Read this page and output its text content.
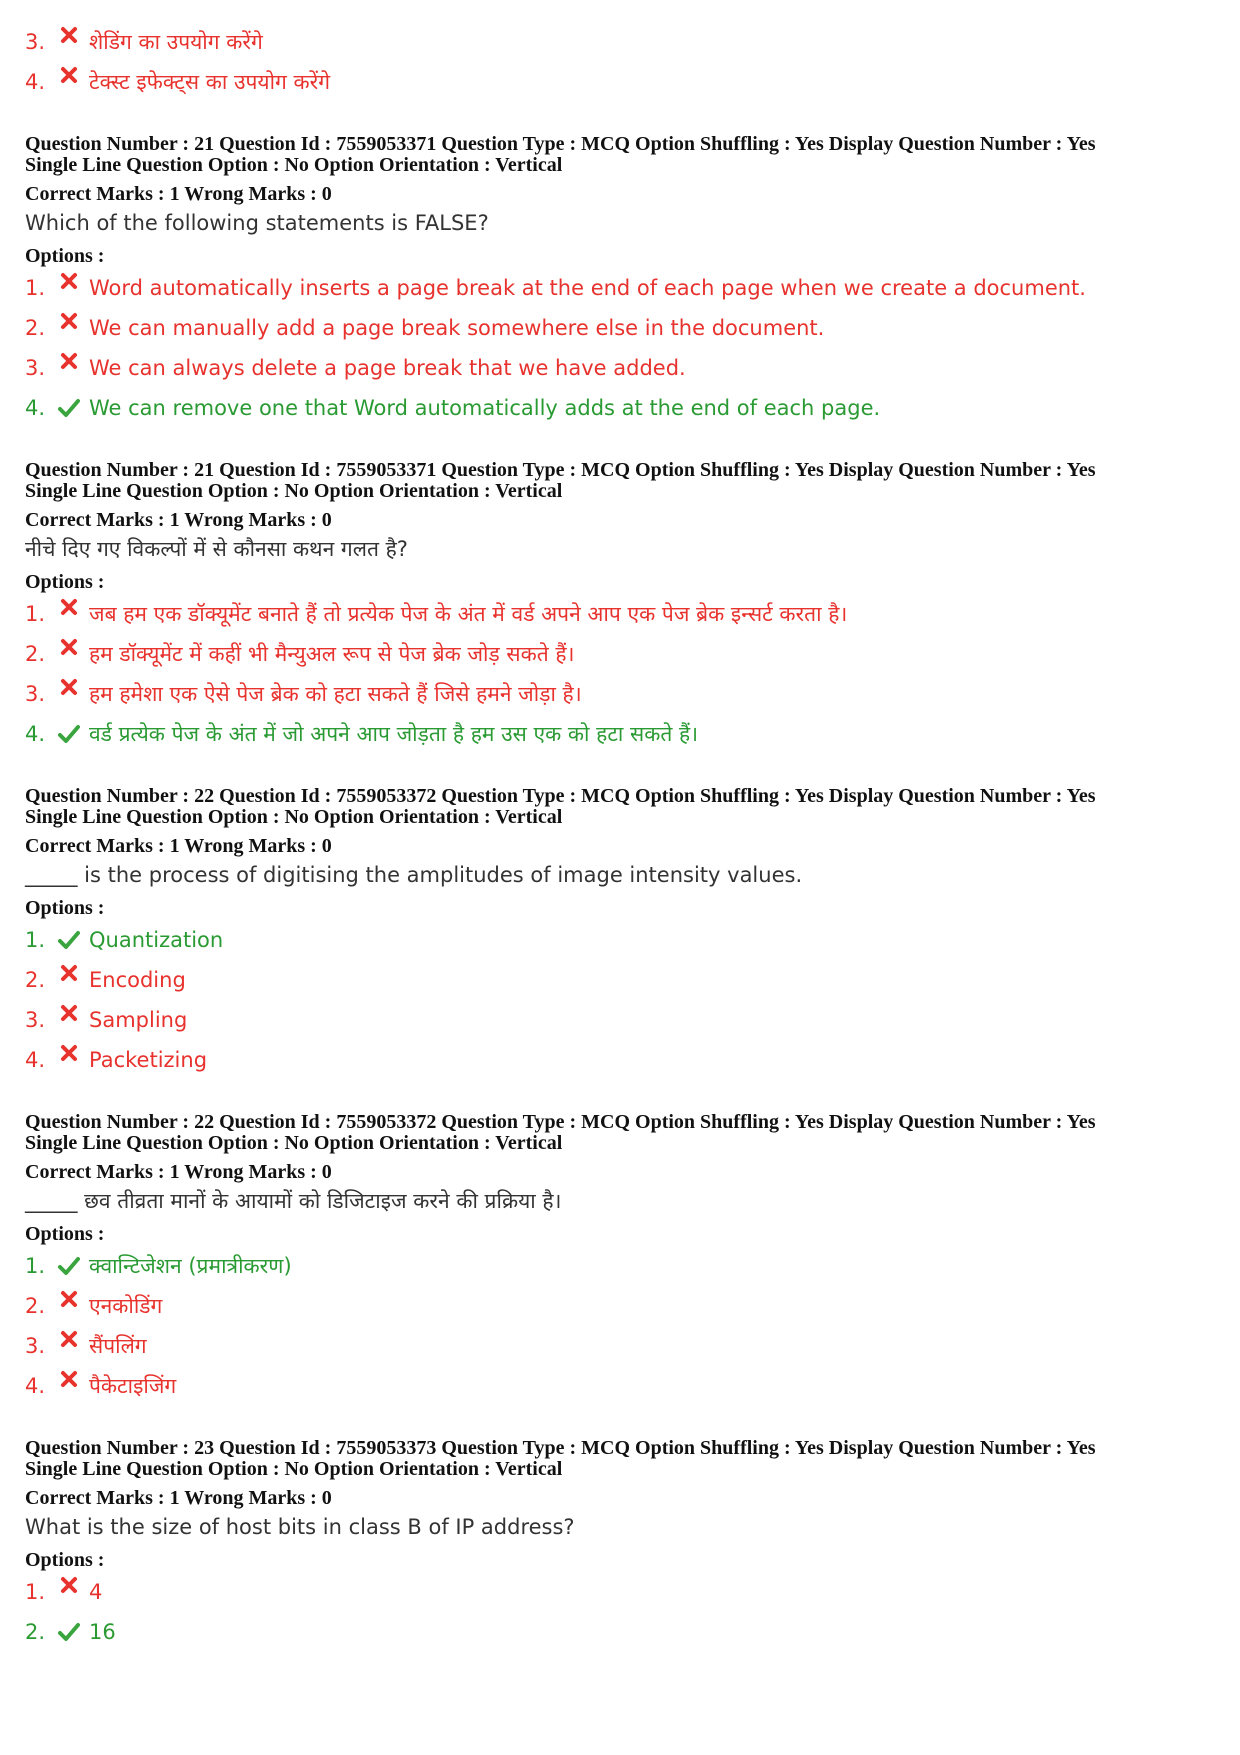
3.	शेडिंग का उपयोग करेंगे
4.	टेक्स्ट इफेक्ट्स का उपयोग करेंगे
Question Number : 21 Question Id : 7559053371 Question Type : MCQ Option Shuffling : Yes Display Question Number : Yes
Single Line Question Option : No Option Orientation : Vertical
Correct Marks : 1 Wrong Marks : 0
Which of the following statements is FALSE?
Options :
1.	Word automatically inserts a page break at the end of each page when we create a document.
2.	We can manually add a page break somewhere else in the document.
3.	We can always delete a page break that we have added.
4.	We can remove one that Word automatically adds at the end of each page.
Question Number : 21 Question Id : 7559053371 Question Type : MCQ Option Shuffling : Yes Display Question Number : Yes
Single Line Question Option : No Option Orientation : Vertical
Correct Marks : 1 Wrong Marks : 0
नीचे दिए गए विकल्पों में से कौनसा कथन गलत है?
Options :
1.	जब हम एक डॉक्यूमेंट बनाते हैं तो प्रत्येक पेज के अंत में वर्ड अपने आप एक पेज ब्रेक इन्सर्ट करता है।
2.	हम डॉक्यूमेंट में कहीं भी मैन्युअल रूप से पेज ब्रेक जोड़ सकते हैं।
3.	हम हमेशा एक ऐसे पेज ब्रेक को हटा सकते हैं जिसे हमने जोड़ा है।
4.	वर्ड प्रत्येक पेज के अंत में जो अपने आप जोड़ता है हम उस एक को हटा सकते हैं।
Question Number : 22 Question Id : 7559053372 Question Type : MCQ Option Shuffling : Yes Display Question Number : Yes
Single Line Question Option : No Option Orientation : Vertical
Correct Marks : 1 Wrong Marks : 0
_____ is the process of digitising the amplitudes of image intensity values.
Options :
1.	Quantization
2.	Encoding
3.	Sampling
4.	Packetizing
Question Number : 22 Question Id : 7559053372 Question Type : MCQ Option Shuffling : Yes Display Question Number : Yes
Single Line Question Option : No Option Orientation : Vertical
Correct Marks : 1 Wrong Marks : 0
_____ छव तीव्रता मानों के आयामों को डिजिटाइज करने की प्रक्रिया है।
Options :
1.	क्वान्टिजेशन (प्रमात्रीकरण)
2.	एनकोडिंग
3.	सैंपलिंग
4.	पैकेटाइजिंग
Question Number : 23 Question Id : 7559053373 Question Type : MCQ Option Shuffling : Yes Display Question Number : Yes
Single Line Question Option : No Option Orientation : Vertical
Correct Marks : 1 Wrong Marks : 0
What is the size of host bits in class B of IP address?
Options :
1.	4
2.	16
